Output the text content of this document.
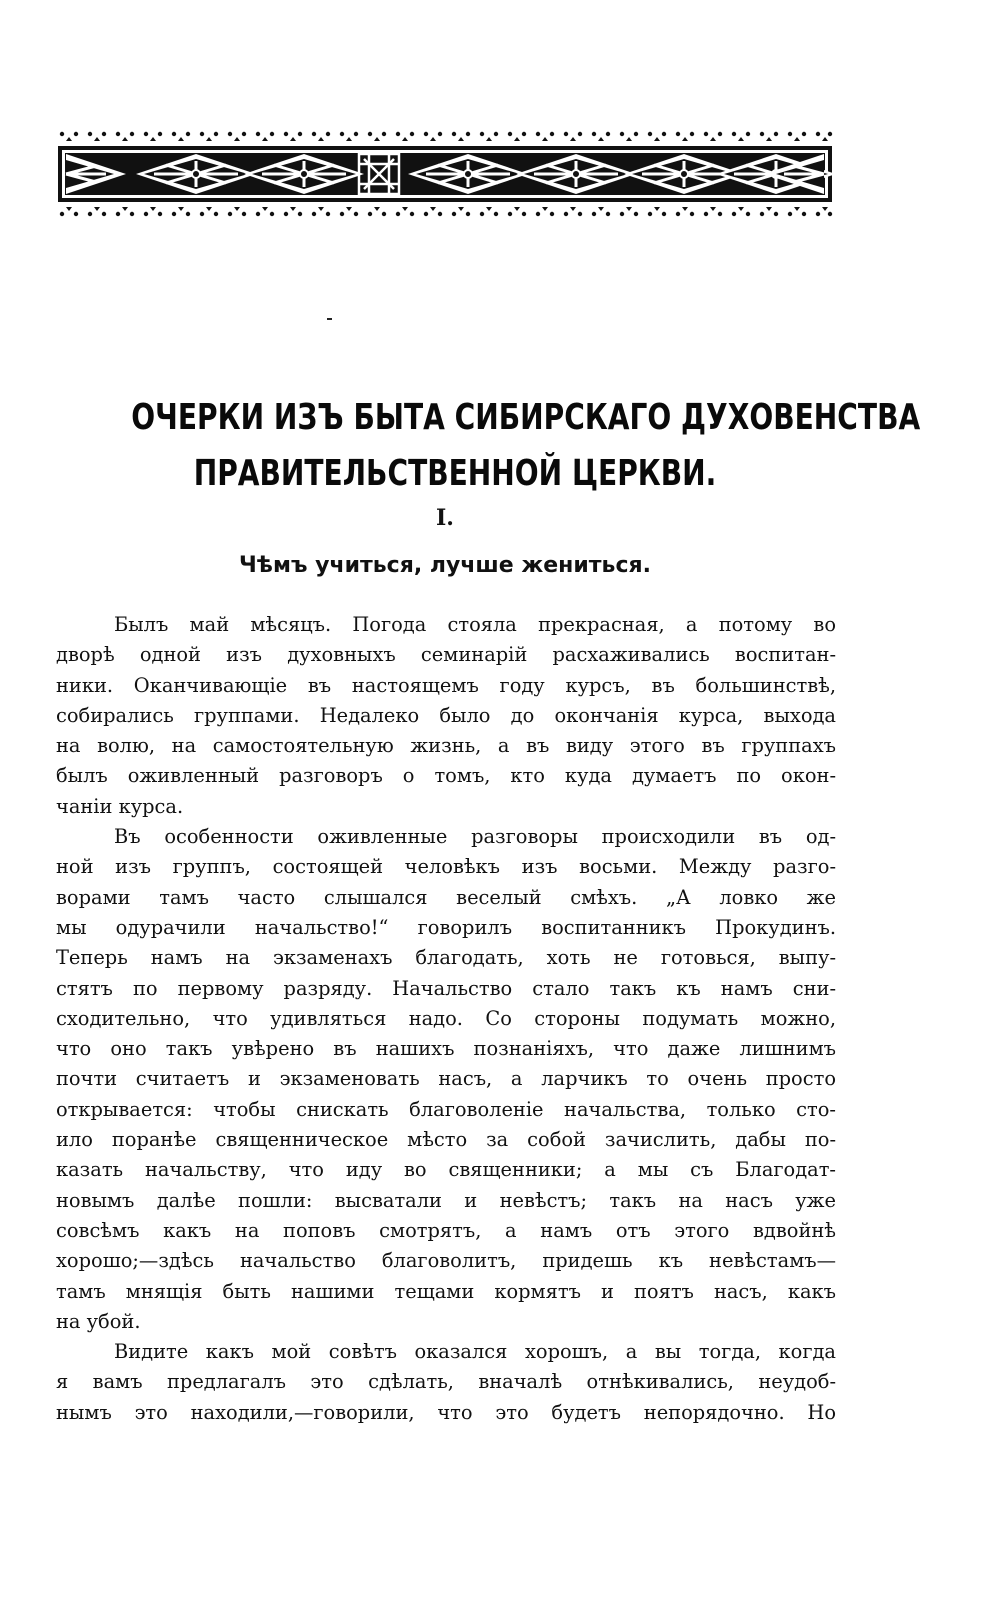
ОЧЕРКИ ИЗЪ БЫТА СИБИРСКАГО ДУХОВЕНСТВА
ПРАВИТЕЛЬСТВЕННОЙ ЦЕРКВИ.
I.
Чѣмъ учиться, лучше жениться.

Былъ май мѣсяцъ. Погода стояла прекрасная, а потому во
дворѣ одной изъ духовныхъ семинарій расхаживались воспитан-
ники. Оканчивающіе въ настоящемъ году курсъ, въ большинствѣ,
собирались группами. Недалеко было до окончанія курса, выхода
на волю, на самостоятельную жизнь, а въ виду этого въ группахъ
былъ оживленный разговоръ о томъ, кто куда думаетъ по окон-
чаніи курса.

Въ особенности оживленные разговоры происходили въ од-
ной изъ группъ, состоящей человѣкъ изъ восьми. Между разго-
ворами тамъ часто слышался веселый смѣхъ. „А ловко же
мы одурачили начальство!“ говорилъ воспитанникъ Прокудинъ.
Теперь намъ на экзаменахъ благодать, хоть не готовься, выпу-
стятъ по первому разряду. Начальство стало такъ къ намъ сни-
сходительно, что удивляться надо. Со стороны подумать можно,
что оно такъ увѣрено въ нашихъ познаніяхъ, что даже лишнимъ
почти считаетъ и экзаменовать насъ, а ларчикъ то очень просто
открывается: чтобы снискать благоволеніе начальства, только сто-
ило поранѣе священническое мѣсто за собой зачислить, дабы по-
казать начальству, что иду во священники; а мы съ Благодат-
новымъ далѣе пошли: высватали и невѣстъ; такъ на насъ уже
совсѣмъ какъ на поповъ смотрятъ, а намъ отъ этого вдвойнѣ
хорошо;—здѣсь начальство благоволитъ, придешь къ невѣстамъ—
тамъ мнящія быть нашими тещами кормятъ и поятъ насъ, какъ
на убой.

Видите какъ мой совѣтъ оказался хорошъ, а вы тогда, когда
я вамъ предлагалъ это сдѣлать, вначалѣ отнѣкивались, неудоб-
нымъ это находили,—говорили, что это будетъ непорядочно. Но
